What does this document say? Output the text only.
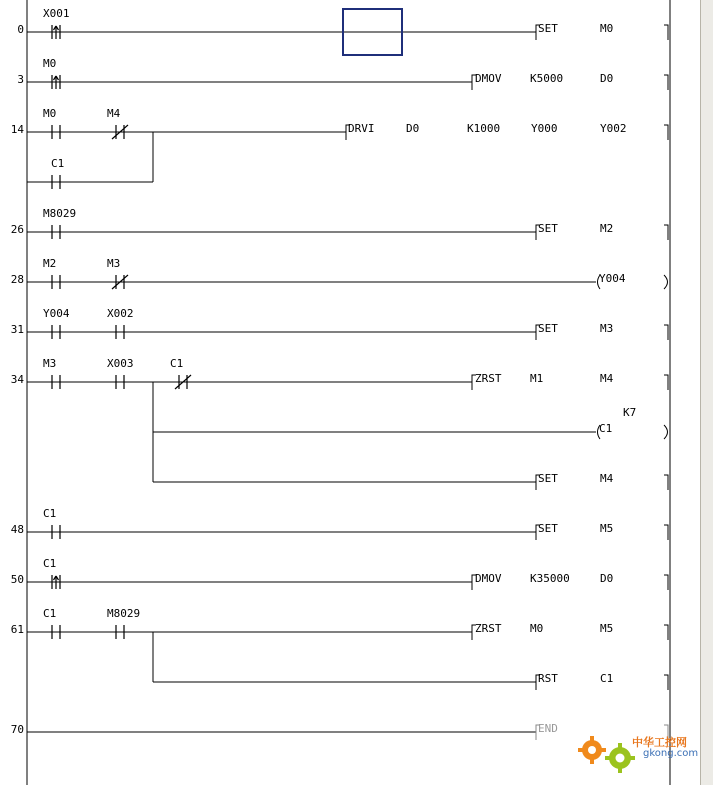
0
X001
SET	M0
3
M0
DMOV	K5000	D0
14
M0	M4
DRVI	D0	K1000	Y000	Y002
C1
26
M8029
SET	M2
28
M2	M3
Y004
31
Y004	X002
SET	M3
34
M3	X003	C1
ZRST	M1	M4
C1
K7
SET	M4
48
C1
SET	M5
50
C1
DMOV	K35000	D0
61
C1	M8029
ZRST	M0	M5
RST	C1
70	END
中华工控网
gkong.com
